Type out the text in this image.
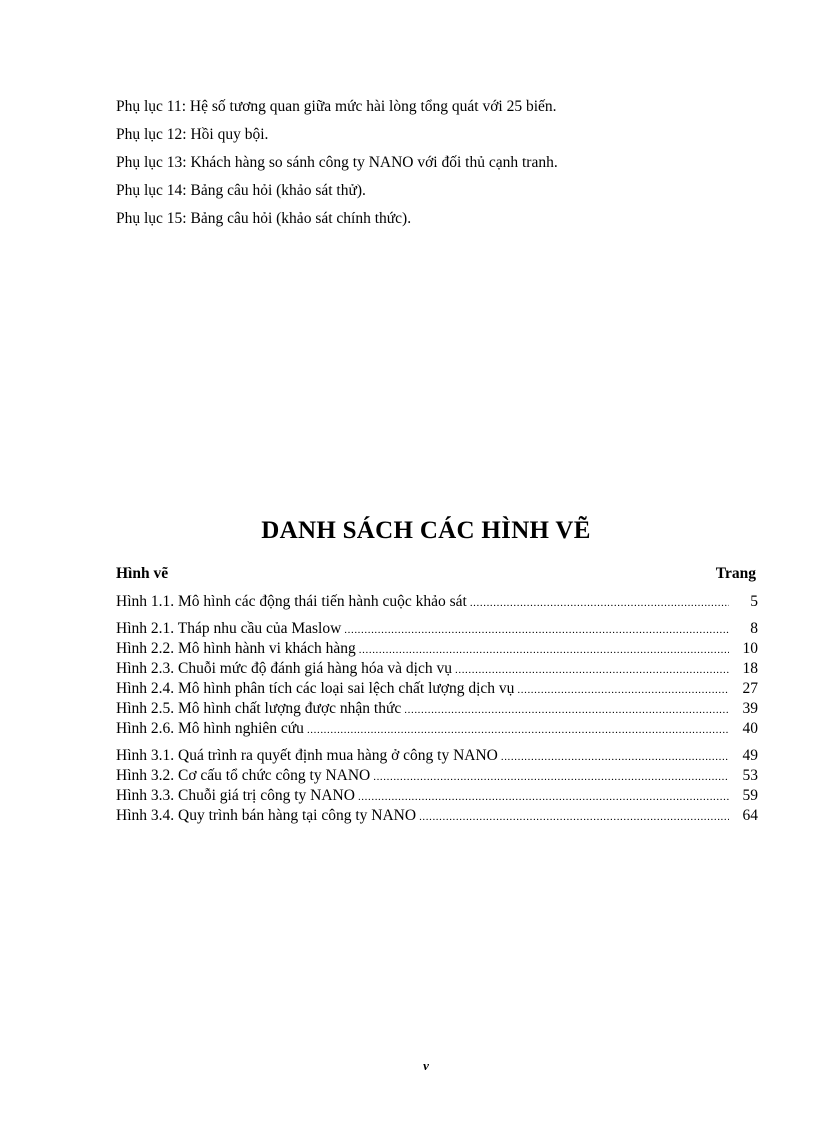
Phụ lục 11: Hệ số tương quan giữa mức hài lòng tổng quát với 25 biến.
Phụ lục 12: Hồi quy bội.
Phụ lục 13: Khách hàng so sánh công ty NANO với đối thủ cạnh tranh.
Phụ lục 14: Bảng câu hỏi (khảo sát thử).
Phụ lục 15: Bảng câu hỏi (khảo sát chính thức).
DANH SÁCH CÁC HÌNH VẼ
Hình vẽ	Trang
Hình 1.1. Mô hình các động thái tiến hành cuộc khảo sát .....	5
Hình 2.1. Tháp nhu cầu của Maslow .....	8
Hình 2.2. Mô hình hành vi khách hàng .....	10
Hình 2.3. Chuỗi mức độ đánh giá hàng hóa và dịch vụ .....	18
Hình 2.4. Mô hình phân tích các loại sai lệch chất lượng dịch vụ .....	27
Hình 2.5. Mô hình chất lượng được nhận thức .....	39
Hình 2.6. Mô hình nghiên cứu .....	40
Hình 3.1. Quá trình ra quyết định mua hàng ở công ty NANO .....	49
Hình 3.2. Cơ cấu tổ chức công ty NANO .....	53
Hình 3.3. Chuỗi giá trị công ty NANO .....	59
Hình 3.4. Quy trình bán hàng tại công ty NANO .....	64
v
